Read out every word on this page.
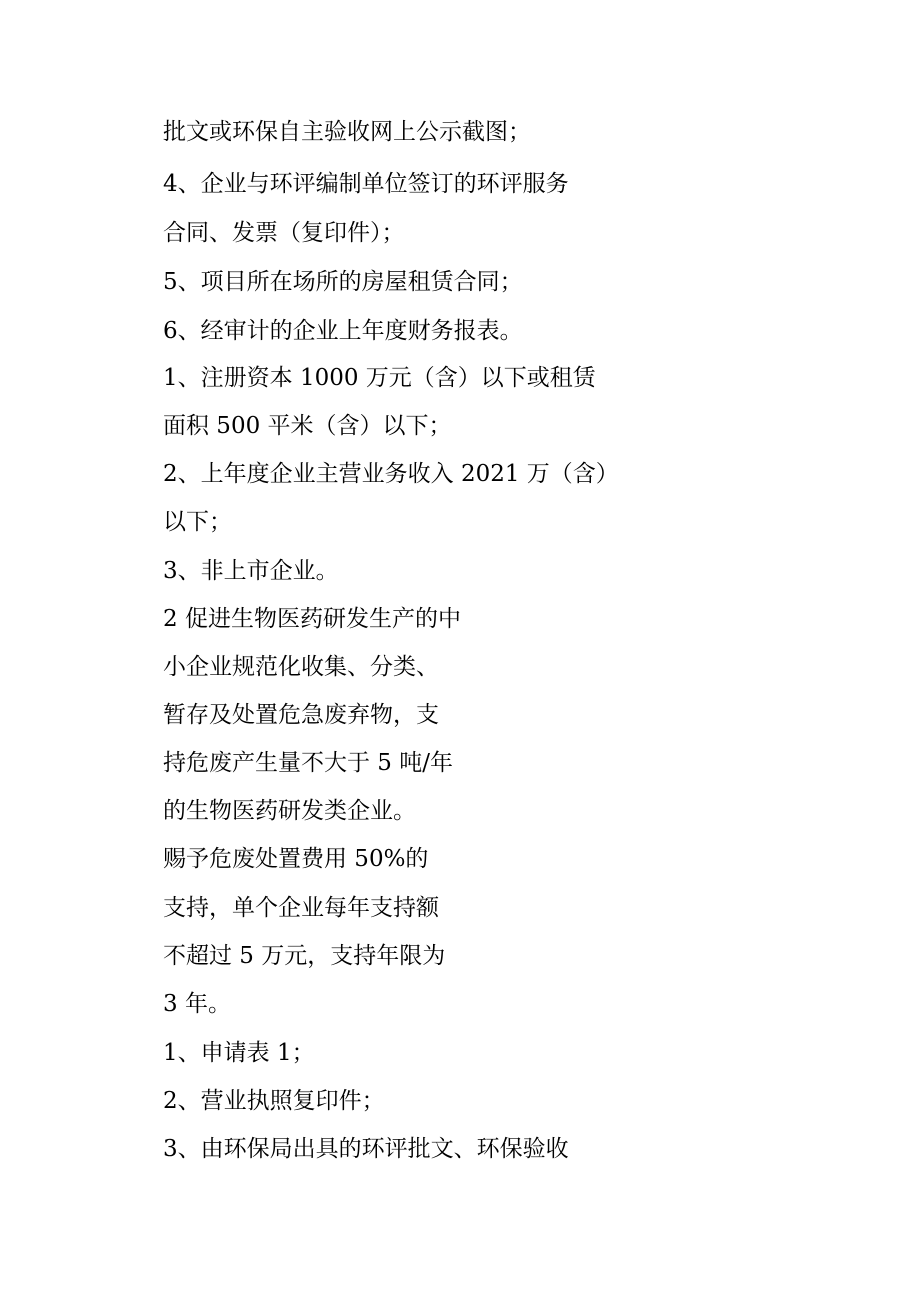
批文或环保自主验收网上公示截图；

4、企业与环评编制单位签订的环评服务

合同、发票（复印件）；

5、项目所在场所的房屋租赁合同；

6、经审计的企业上年度财务报表。

1、注册资本 1000 万元（含）以下或租赁

面积 500 平米（含）以下；

2、上年度企业主营业务收入 2021 万（含）

以下；

3、非上市企业。

2 促进生物医药研发生产的中

小企业规范化收集、分类、

暂存及处置危急废弃物，支

持危废产生量不大于 5 吨/年

的生物医药研发类企业。

赐予危废处置费用 50%的

支持，单个企业每年支持额

不超过 5 万元，支持年限为

3 年。

1、申请表 1；

2、营业执照复印件；

3、由环保局出具的环评批文、环保验收
